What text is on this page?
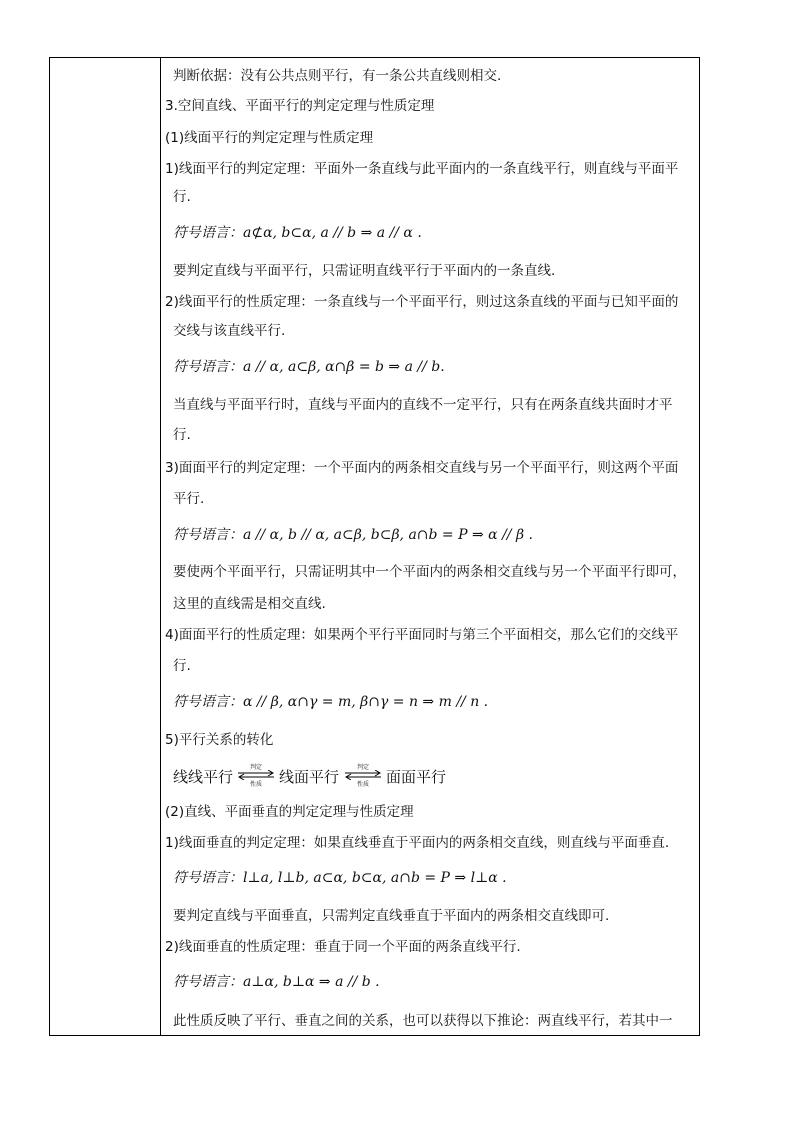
判断依据：没有公共点则平行，有一条公共直线则相交.
3.空间直线、平面平行的判定定理与性质定理
(1)线面平行的判定定理与性质定理
1)线面平行的判定定理：平面外一条直线与此平面内的一条直线平行，则直线与平面平
行.
符号语言：a⊄α, b⊂α, a // b ⇒ a // α .
要判定直线与平面平行，只需证明直线平行于平面内的一条直线.
2)线面平行的性质定理：一条直线与一个平面平行，则过这条直线的平面与已知平面的
交线与该直线平行.
符号语言：a // α, a⊂β, α∩β = b ⇒ a // b.
当直线与平面平行时，直线与平面内的直线不一定平行，只有在两条直线共面时才平
行.
3)面面平行的判定定理：一个平面内的两条相交直线与另一个平面平行，则这两个平面
平行.
符号语言：a // α, b // α, a⊂β, b⊂β, a∩b = P ⇒ α // β .
要使两个平面平行，只需证明其中一个平面内的两条相交直线与另一个平面平行即可，
这里的直线需是相交直线.
4)面面平行的性质定理：如果两个平行平面同时与第三个平面相交，那么它们的交线平
行.
符号语言：α // β, α∩γ = m, β∩γ = n ⇒ m // n .
5)平行关系的转化
线线平行
判定
性质	线面平行
判定
性质	面面平行
(2)直线、平面垂直的判定定理与性质定理
1)线面垂直的判定定理：如果直线垂直于平面内的两条相交直线，则直线与平面垂直.
符号语言：l⊥a, l⊥b, a⊂α, b⊂α, a∩b = P ⇒ l⊥α .
要判定直线与平面垂直，只需判定直线垂直于平面内的两条相交直线即可.
2)线面垂直的性质定理：垂直于同一个平面的两条直线平行.
符号语言：a⊥α, b⊥α ⇒ a // b .
此性质反映了平行、垂直之间的关系，也可以获得以下推论：两直线平行，若其中一
